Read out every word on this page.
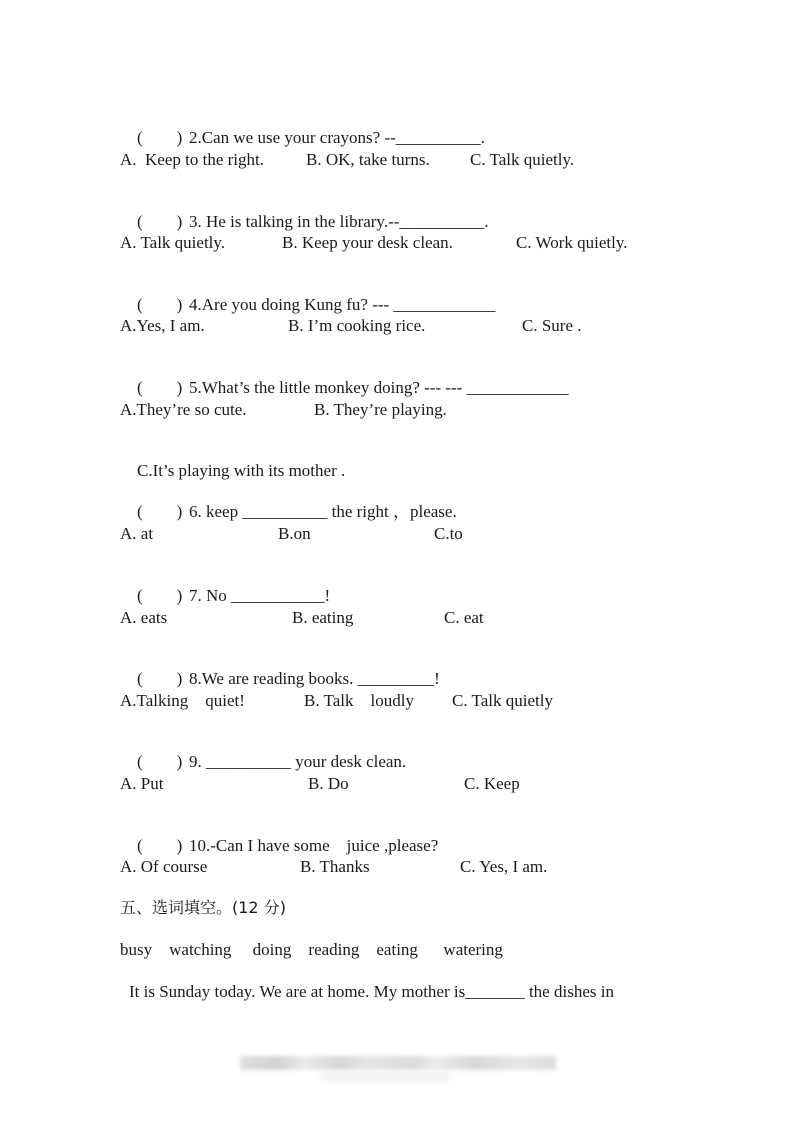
(        ) 2.Can we use your crayons? --__________.

A.  Keep to the right.

B. OK, take turns.

C. Talk quietly.

(        ) 3. He is talking in the library.--__________.

A. Talk quietly.

	B. Keep your desk clean.

	C. Work quietly.

(        ) 4.Are you doing Kung fu? --- ____________

A.Yes, I am.

	B. I’m cooking rice.

	C. Sure .

(        ) 5.What’s the little monkey doing? --- --- ____________

A.They’re so cute.

	B. They’re playing.

C.It’s playing with its mother .

(        ) 6. keep __________ the right ，please.

A. at

	B.on

	C.to

(        ) 7. No ___________!

A. eats

	B. eating

	C. eat

(        ) 8.We are reading books. _________!

A.Talking    quiet!

	B. Talk    loudly

C. Talk quietly

(        ) 9. __________ your desk clean.

A. Put

	B. Do

	C. Keep

(        ) 10.-Can I have some    juice ,please?

A. Of course

	B. Thanks

	C. Yes, I am.

五、选词填空。(12 分)
busy    watching     doing    reading    eating      watering
It is Sunday today. We are at home. My mother is_______ the dishes in
